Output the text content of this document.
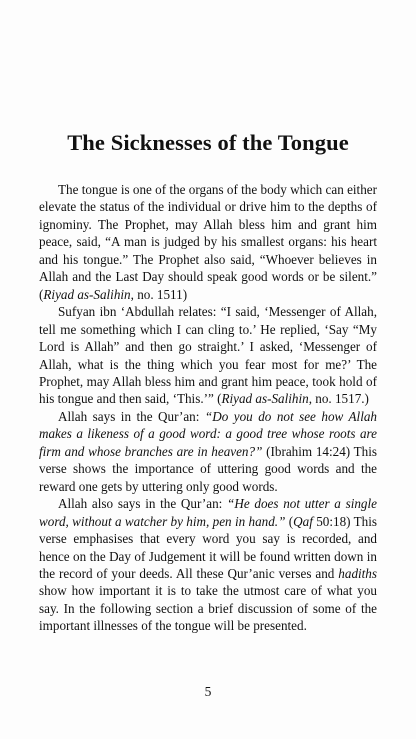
The Sicknesses of the Tongue

The tongue is one of the organs of the body which can either elevate the status of the individual or drive him to the depths of ignominy. The Prophet, may Allah bless him and grant him peace, said, “A man is judged by his smallest organs: his heart and his tongue.” The Prophet also said, “Whoever believes in Allah and the Last Day should speak good words or be silent.” (Riyad as-Salihin, no. 1511)

Sufyan ibn ‘Abdullah relates: “I said, ‘Messenger of Allah, tell me something which I can cling to.’ He replied, ‘Say “My Lord is Allah” and then go straight.’ I asked, ‘Messenger of Allah, what is the thing which you fear most for me?’ The Prophet, may Allah bless him and grant him peace, took hold of his tongue and then said, ‘This.’” (Riyad as-Salihin, no. 1517.)

Allah says in the Qur’an: “Do you do not see how Allah makes a likeness of a good word: a good tree whose roots are firm and whose branches are in heaven?” (Ibrahim 14:24) This verse shows the importance of uttering good words and the reward one gets by uttering only good words.

Allah also says in the Qur’an: “He does not utter a single word, without a watcher by him, pen in hand.” (Qaf 50:18) This verse emphasises that every word you say is recorded, and hence on the Day of Judgement it will be found written down in the record of your deeds. All these Qur’anic verses and hadiths show how important it is to take the utmost care of what you say. In the following section a brief discussion of some of the important illnesses of the tongue will be presented.

5
